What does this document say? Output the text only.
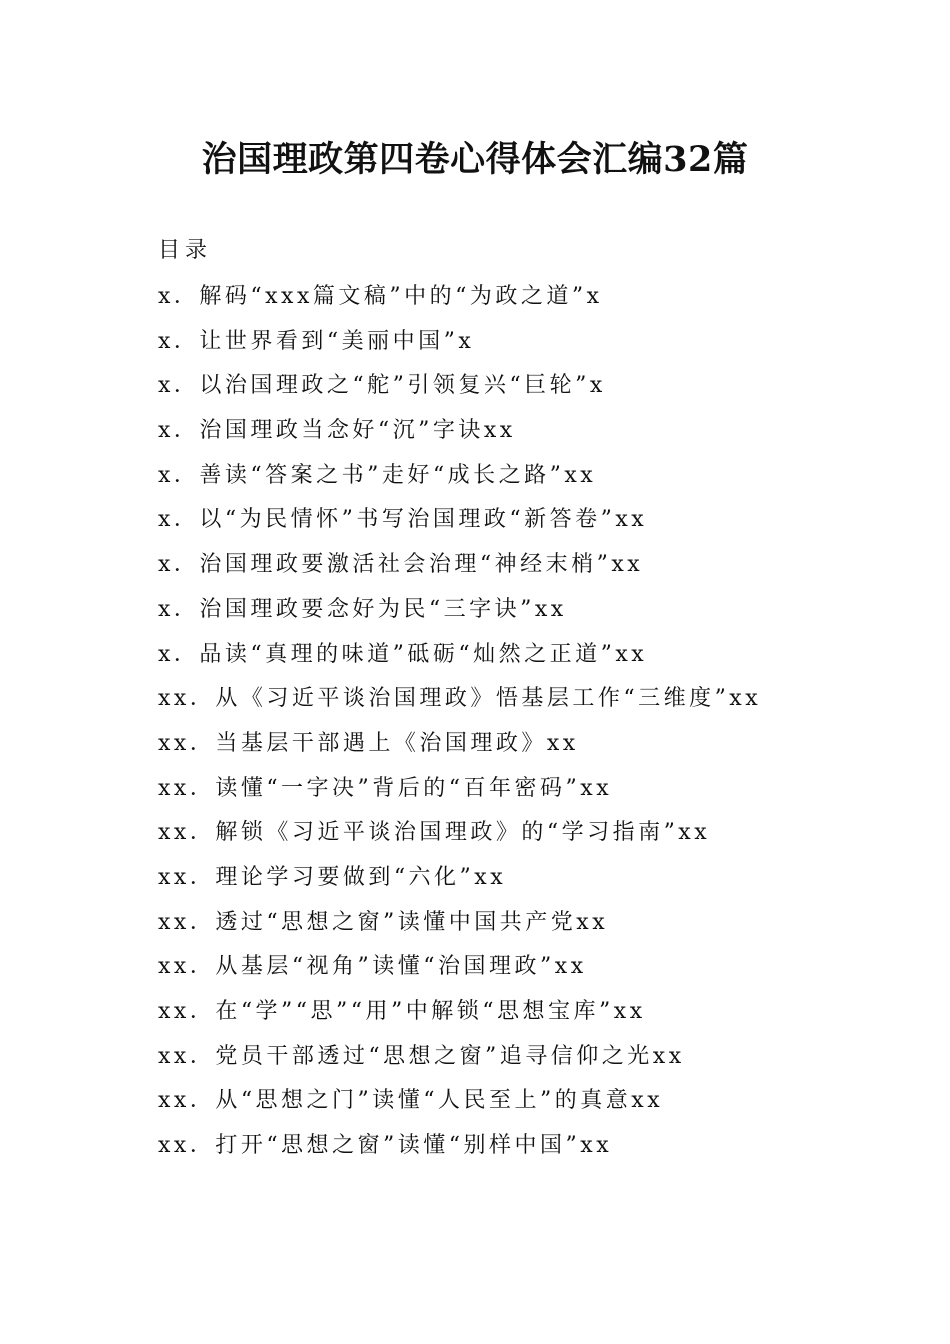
治国理政第四卷心得体会汇编32篇
目录
x．解码“xxx篇文稿”中的“为政之道”x
x．让世界看到“美丽中国”x
x．以治国理政之“舵”引领复兴“巨轮”x
x．治国理政当念好“沉”字诀xx
x．善读“答案之书”走好“成长之路”xx
x．以“为民情怀”书写治国理政“新答卷”xx
x．治国理政要激活社会治理“神经末梢”xx
x．治国理政要念好为民“三字诀”xx
x．品读“真理的味道”砥砺“灿然之正道”xx
xx．从《习近平谈治国理政》悟基层工作“三维度”xx
xx．当基层干部遇上《治国理政》xx
xx．读懂“一字决”背后的“百年密码”xx
xx．解锁《习近平谈治国理政》的“学习指南”xx
xx．理论学习要做到“六化”xx
xx．透过“思想之窗”读懂中国共产党xx
xx．从基层“视角”读懂“治国理政”xx
xx．在“学”“思”“用”中解锁“思想宝库”xx
xx．党员干部透过“思想之窗”追寻信仰之光xx
xx．从“思想之门”读懂“人民至上”的真意xx
xx．打开“思想之窗”读懂“别样中国”xx
